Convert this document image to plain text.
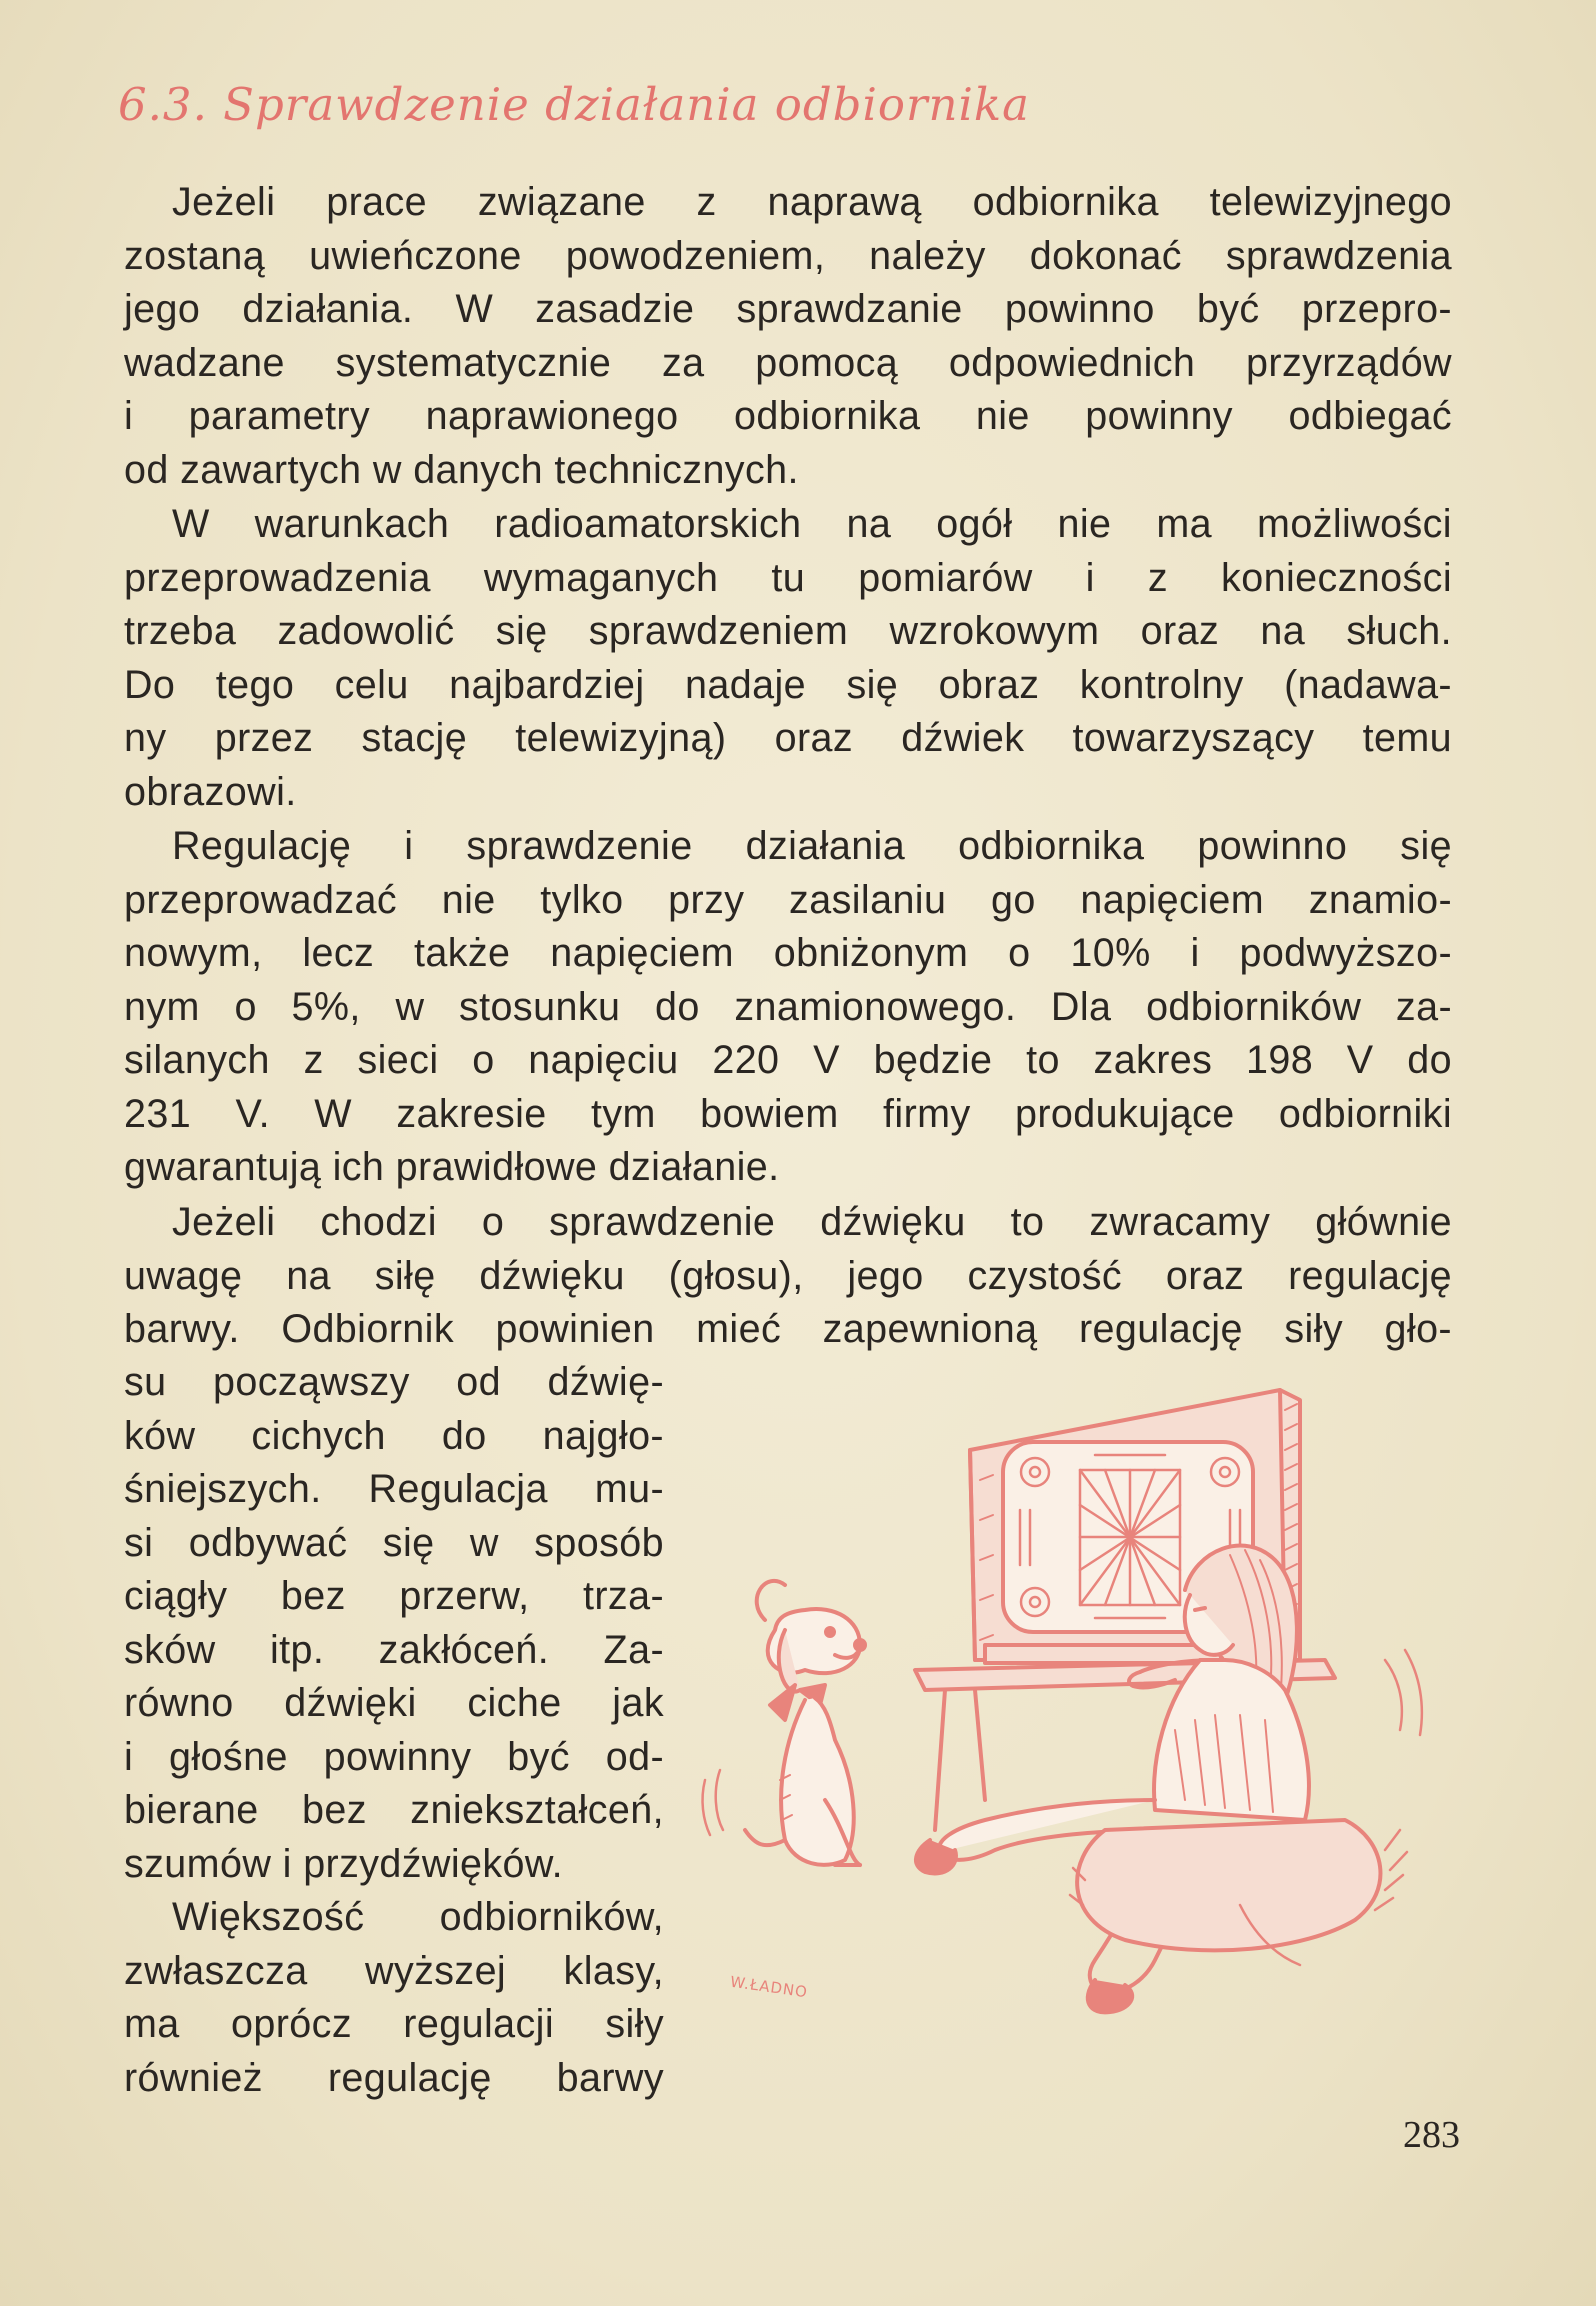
6.3. Sprawdzenie działania odbiornika

Jeżeli prace związane z naprawą odbiornika telewizyjnego
zostaną uwieńczone powodzeniem, należy dokonać sprawdzenia
jego działania. W zasadzie sprawdzanie powinno być przepro-
wadzane systematycznie za pomocą odpowiednich przyrządów
i parametry naprawionego odbiornika nie powinny odbiegać
od zawartych w danych technicznych.

W warunkach radioamatorskich na ogół nie ma możliwości
przeprowadzenia wymaganych tu pomiarów i z konieczności
trzeba zadowolić się sprawdzeniem wzrokowym oraz na słuch.
Do tego celu najbardziej nadaje się obraz kontrolny (nadawa-
ny przez stację telewizyjną) oraz dźwiek towarzyszący temu
obrazowi.

Regulację i sprawdzenie działania odbiornika powinno się
przeprowadzać nie tylko przy zasilaniu go napięciem znamio-
nowym, lecz także napięciem obniżonym o 10% i podwyższo-
nym o 5%, w stosunku do znamionowego. Dla odbiorników za-
silanych z sieci o napięciu 220 V będzie to zakres 198 V do
231 V. W zakresie tym bowiem firmy produkujące odbiorniki
gwarantują ich prawidłowe działanie.

Jeżeli chodzi o sprawdzenie dźwięku to zwracamy głównie
uwagę na siłę dźwięku (głosu), jego czystość oraz regulację
barwy. Odbiornik powinien mieć zapewnioną regulację siły gło-

su począwszy od dźwię-
ków cichych do najgło-
śniejszych. Regulacja mu-
si odbywać się w sposób
ciągły bez przerw, trza-
sków itp. zakłóceń. Za-
równo dźwięki ciche jak
i głośne powinny być od-
bierane bez zniekształceń,
szumów i przydźwięków.

Większość odbiorników,
zwłaszcza wyższej klasy,
ma oprócz regulacji siły
również regulację barwy

W.ŁADNO
283
